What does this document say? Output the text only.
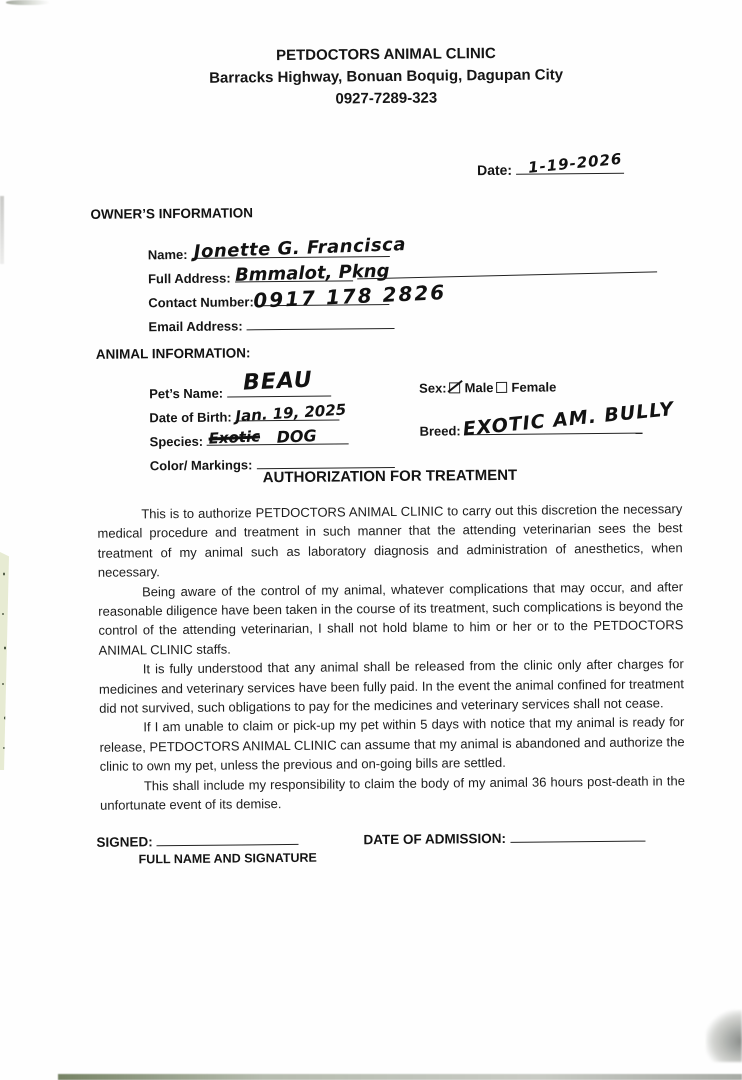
PETDOCTORS ANIMAL CLINIC
Barracks Highway, Bonuan Boquig, Dagupan City
0927-7289-323
Date: 1-19-2026
OWNER’S INFORMATION
Name: Jonette G. Francisca
Full Address: Bmmalot, Pkng
Contact Number: 0917 178 2826
Email Address:
ANIMAL INFORMATION:
Pet’s Name: BEAU
Date of Birth: Jan. 19, 2025
Species: Exotic DOG
Color/ Markings:
Sex: Male Female
Breed: EXOTIC AM. BULLY
AUTHORIZATION FOR TREATMENT

This is to authorize PETDOCTORS ANIMAL CLINIC to carry out this discretion the necessary medical procedure and treatment in such manner that the attending veterinarian sees the best treatment of my animal such as laboratory diagnosis and administration of anesthetics, when necessary.

Being aware of the control of my animal, whatever complications that may occur, and after reasonable diligence have been taken in the course of its treatment, such complications is beyond the control of the attending veterinarian, I shall not hold blame to him or her or to the PETDOCTORS ANIMAL CLINIC staffs.

It is fully understood that any animal shall be released from the clinic only after charges for medicines and veterinary services have been fully paid. In the event the animal confined for treatment did not survived, such obligations to pay for the medicines and veterinary services shall not cease.

If I am unable to claim or pick-up my pet within 5 days with notice that my animal is ready for release, PETDOCTORS ANIMAL CLINIC can assume that my animal is abandoned and authorize the clinic to own my pet, unless the previous and on-going bills are settled.

This shall include my responsibility to claim the body of my animal 36 hours post-death in the unfortunate event of its demise.

SIGNED:
FULL NAME AND SIGNATURE
DATE OF ADMISSION:
